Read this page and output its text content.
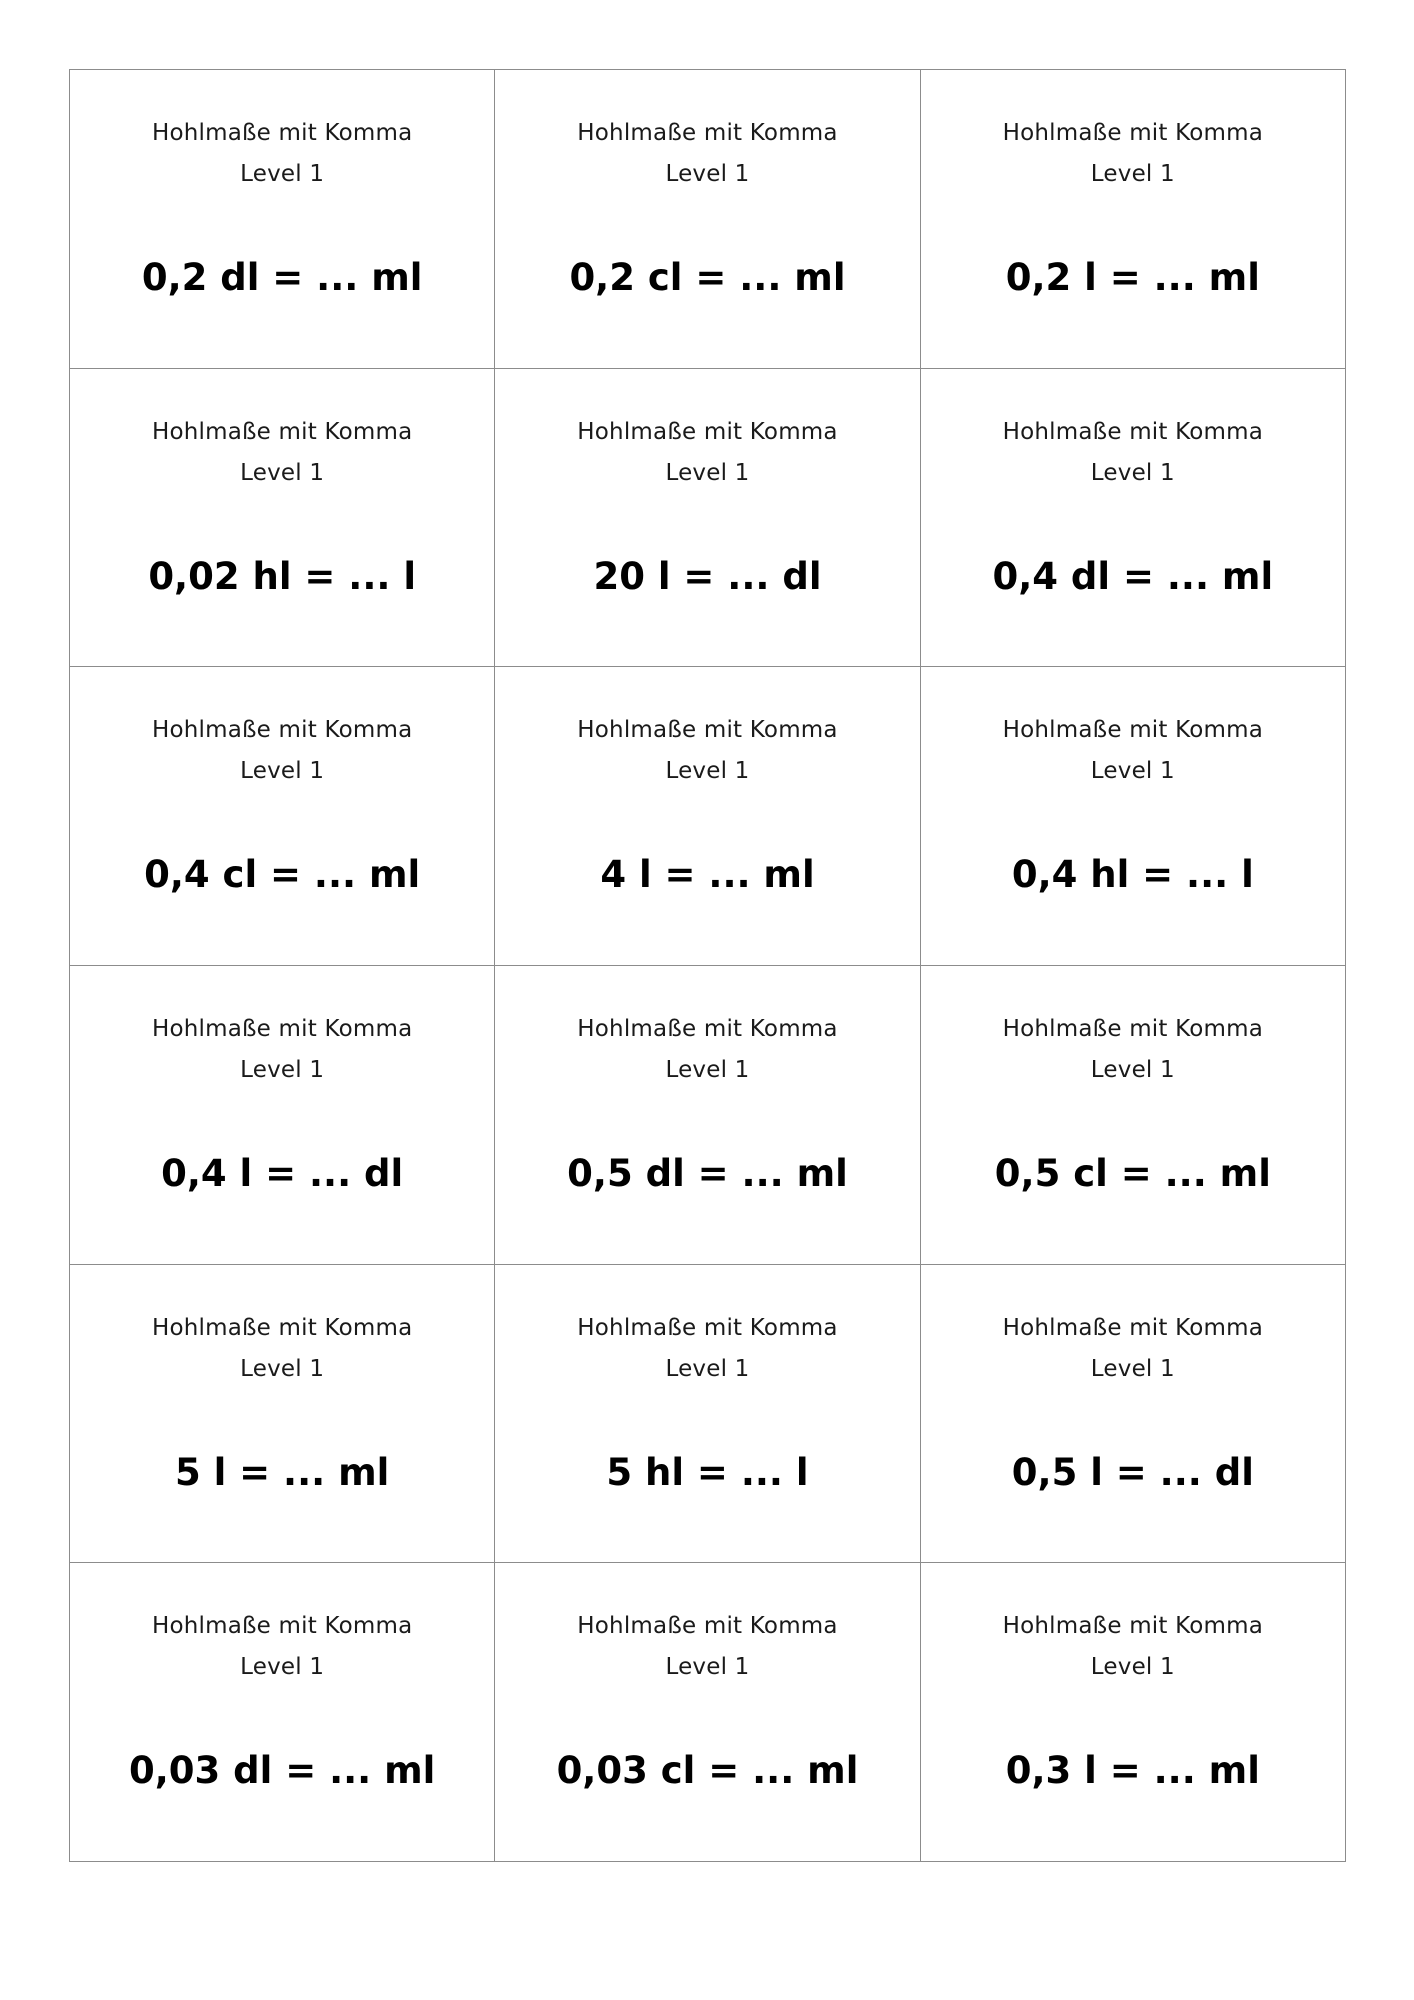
Hohlmaße mit Komma
Level 1
0,2 dl = ... ml
Hohlmaße mit Komma
Level 1
0,2 cl = ... ml
Hohlmaße mit Komma
Level 1
0,2 l = ... ml
Hohlmaße mit Komma
Level 1
0,02 hl = ... l
Hohlmaße mit Komma
Level 1
20 l = ... dl
Hohlmaße mit Komma
Level 1
0,4 dl = ... ml
Hohlmaße mit Komma
Level 1
0,4 cl = ... ml
Hohlmaße mit Komma
Level 1
4 l = ... ml
Hohlmaße mit Komma
Level 1
0,4 hl = ... l
Hohlmaße mit Komma
Level 1
0,4 l = ... dl
Hohlmaße mit Komma
Level 1
0,5 dl = ... ml
Hohlmaße mit Komma
Level 1
0,5 cl = ... ml
Hohlmaße mit Komma
Level 1
5 l = ... ml
Hohlmaße mit Komma
Level 1
5 hl = ... l
Hohlmaße mit Komma
Level 1
0,5 l = ... dl
Hohlmaße mit Komma
Level 1
0,03 dl = ... ml
Hohlmaße mit Komma
Level 1
0,03 cl = ... ml
Hohlmaße mit Komma
Level 1
0,3 l = ... ml
